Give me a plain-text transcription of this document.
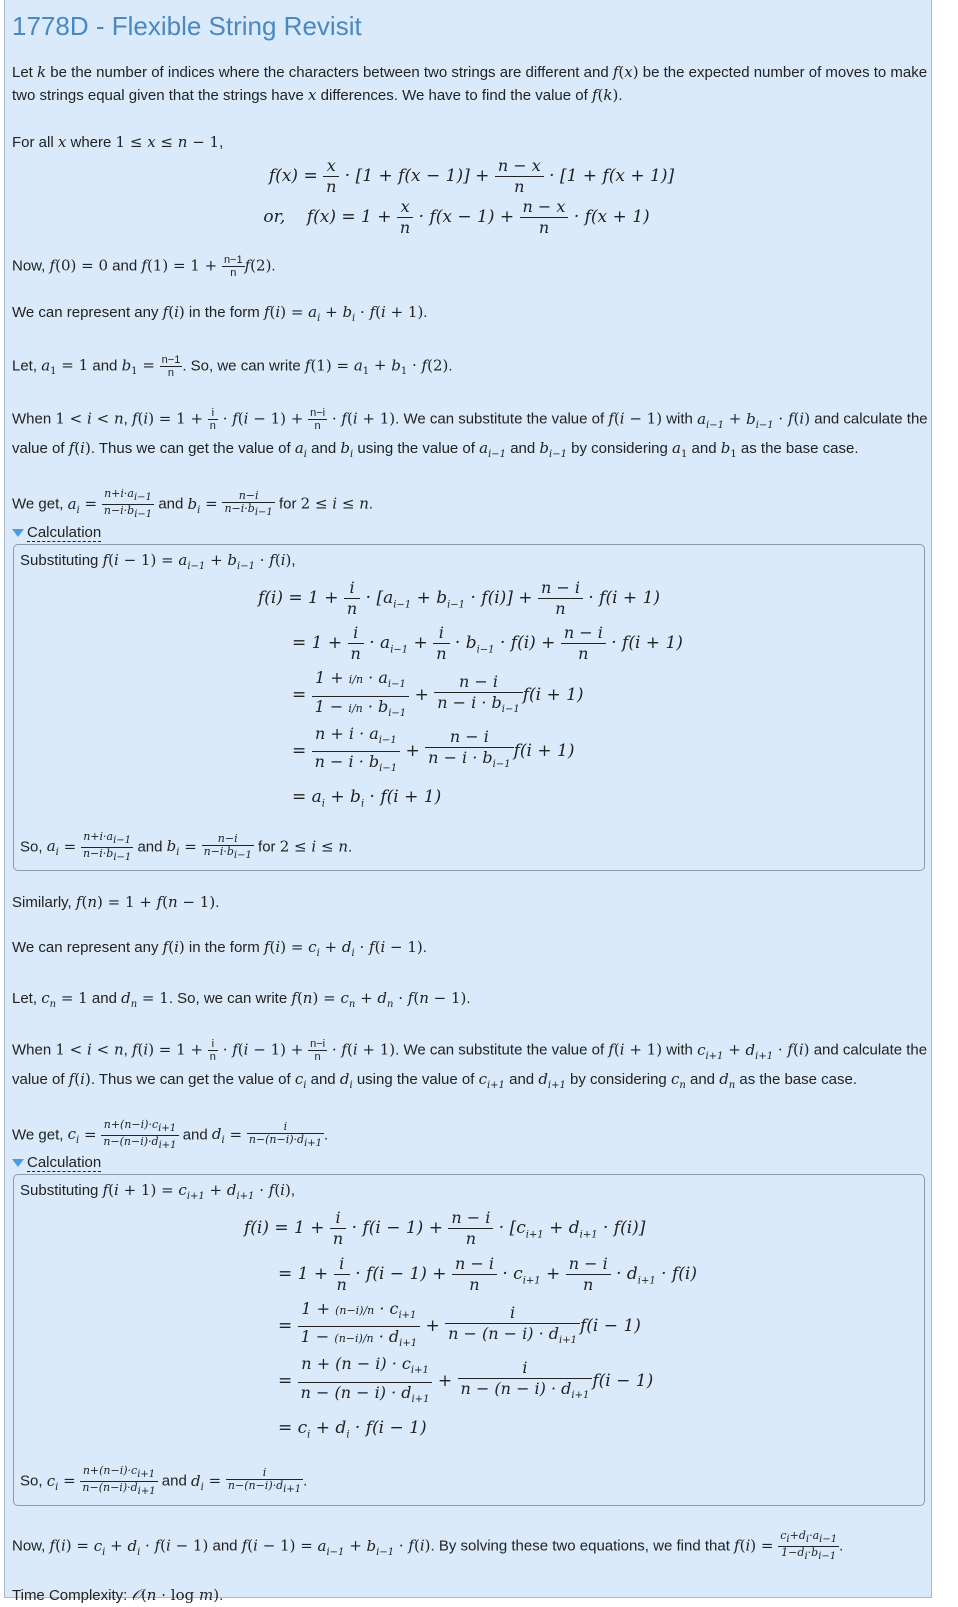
1778D - Flexible String Revisit

Let k be the number of indices where the characters between two strings are different and f(x) be the expected number of moves to make two strings equal given that the strings have x differences. We have to find the value of f(k).

For all x where 1 ≤ x ≤ n − 1,

$f(x) = \frac{x}{n} \cdot [1 + f(x - 1)] + \frac{n - x}{n} \cdot [1 + f(x + 1)]$
or,    $f(x) = 1 + \frac{x}{n} \cdot f(x - 1) + \frac{n - x}{n} \cdot f(x + 1)$

Now, f(0) = 0 and $f(1) = 1 + \frac{n-1}{n} f(2)$.

We can represent any f(i) in the form $f(i) = a_i + b_i \cdot f(i + 1)$.

Let, $a_1 = 1$ and $b_1 = \frac{n-1}{n}$ . So, we can write $f(1) = a_1 + b_1 \cdot f(2)$.

When 1 < i < n, $f(i) = 1 + \frac{i}{n} \cdot f(i - 1) + \frac{n-i}{n} \cdot f(i + 1)$. We can substitute the value of f(i − 1) with $a_{i-1} + b_{i-1} \cdot f(i)$ and calculate the value of f(i). Thus we can get the value of $a_i$ and $b_i$ using the value of $a_{i-1}$ and $b_{i-1}$ by considering $a_1$ and $b_1$ as the base case.

We get, $a_i = \frac{n+i\cdot a_{i-1}}{n-i\cdot b_{i-1}}$ and $b_i = \frac{n-i}{n-i\cdot b_{i-1}}$ for 2 ≤ i ≤ n.

Calculation

Substituting $f(i - 1) = a_{i-1} + b_{i-1} \cdot f(i)$,

$f(i) = 1 + \frac{i}{n} \cdot [a_{i-1} + b_{i-1} \cdot f(i)] + \frac{n - i}{n} \cdot f(i + 1)$
= $1 + \frac{i}{n} \cdot a_{i-1} + \frac{i}{n} \cdot b_{i-1} \cdot f(i) + \frac{n - i}{n} \cdot f(i + 1)$
= $\frac{1 + i/n \cdot a_{i-1}}{1 - i/n \cdot b_{i-1}} + \frac{n - i}{n - i \cdot b_{i-1}} f(i + 1)$
= $\frac{n + i \cdot a_{i-1}}{n - i \cdot b_{i-1}} + \frac{n - i}{n - i \cdot b_{i-1}} f(i + 1)$
= $a_i + b_i \cdot f(i + 1)$

So, $a_i = \frac{n+i\cdot a_{i-1}}{n-i\cdot b_{i-1}}$ and $b_i = \frac{n-i}{n-i\cdot b_{i-1}}$ for 2 ≤ i ≤ n.

Similarly, f(n) = 1 + f(n − 1).

We can represent any f(i) in the form $f(i) = c_i + d_i \cdot f(i - 1)$.

Let, $c_n = 1$ and $d_n = 1$. So, we can write $f(n) = c_n + d_n \cdot f(n - 1)$.

When 1 < i < n, $f(i) = 1 + \frac{i}{n} \cdot f(i - 1) + \frac{n-i}{n} \cdot f(i + 1)$. We can substitute the value of f(i + 1) with $c_{i+1} + d_{i+1} \cdot f(i)$ and calculate the value of f(i). Thus we can get the value of $c_i$ and $d_i$ using the value of $c_{i+1}$ and $d_{i+1}$ by considering $c_n$ and $d_n$ as the base case.

We get, $c_i = \frac{n+(n-i)\cdot c_{i+1}}{n-(n-i)\cdot d_{i+1}}$ and $d_i = \frac{i}{n-(n-i)\cdot d_{i+1}}$ .

Calculation

Substituting $f(i + 1) = c_{i+1} + d_{i+1} \cdot f(i)$,

$f(i) = 1 + \frac{i}{n} \cdot f(i - 1) + \frac{n - i}{n} \cdot [c_{i+1} + d_{i+1} \cdot f(i)]$
= $1 + \frac{i}{n} \cdot f(i - 1) + \frac{n - i}{n} \cdot c_{i+1} + \frac{n - i}{n} \cdot d_{i+1} \cdot f(i)$
= $\frac{1 + (n-i)/n \cdot c_{i+1}}{1 - (n-i)/n \cdot d_{i+1}} + \frac{i}{n - (n - i) \cdot d_{i+1}} f(i - 1)$
= $\frac{n + (n - i) \cdot c_{i+1}}{n - (n - i) \cdot d_{i+1}} + \frac{i}{n - (n - i) \cdot d_{i+1}} f(i - 1)$
= $c_i + d_i \cdot f(i - 1)$

So, $c_i = \frac{n+(n-i)\cdot c_{i+1}}{n-(n-i)\cdot d_{i+1}}$ and $d_i = \frac{i}{n-(n-i)\cdot d_{i+1}}$ .

Now, $f(i) = c_i + d_i \cdot f(i - 1)$ and $f(i - 1) = a_{i-1} + b_{i-1} \cdot f(i)$. By solving these two equations, we find that $f(i) = \frac{c_i+d_i\cdot a_{i-1}}{1-d_i\cdot b_{i-1}}$ .

Time Complexity: 𝒪(n · log m).
